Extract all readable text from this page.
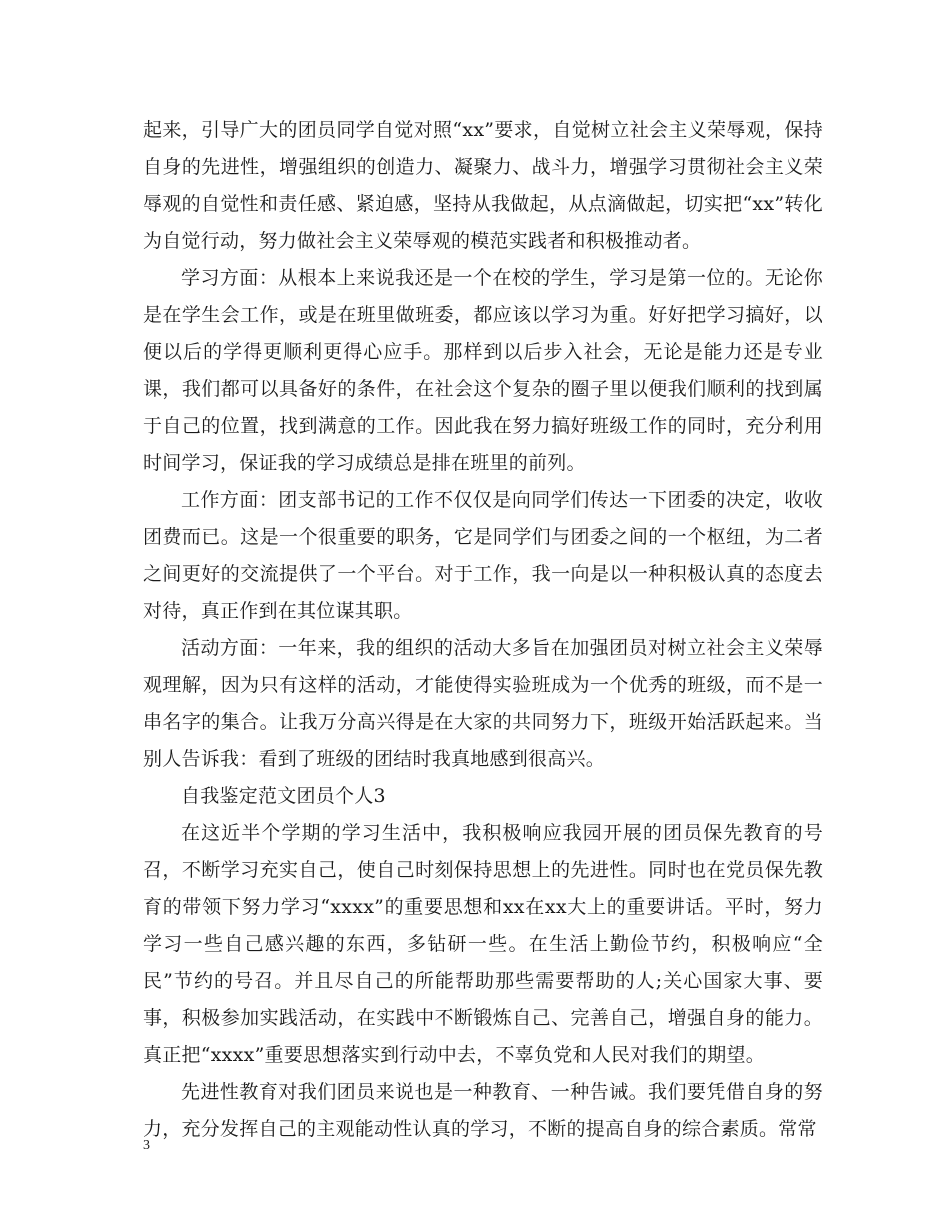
起来，引导广大的团员同学自觉对照“xx”要求，自觉树立社会主义荣辱观，保持自身的先进性，增强组织的创造力、凝聚力、战斗力，增强学习贯彻社会主义荣辱观的自觉性和责任感、紧迫感，坚持从我做起，从点滴做起，切实把“xx”转化为自觉行动，努力做社会主义荣辱观的模范实践者和积极推动者。

学习方面：从根本上来说我还是一个在校的学生，学习是第一位的。无论你是在学生会工作，或是在班里做班委，都应该以学习为重。好好把学习搞好，以便以后的学得更顺利更得心应手。那样到以后步入社会，无论是能力还是专业课，我们都可以具备好的条件，在社会这个复杂的圈子里以便我们顺利的找到属于自己的位置，找到满意的工作。因此我在努力搞好班级工作的同时，充分利用时间学习，保证我的学习成绩总是排在班里的前列。

工作方面：团支部书记的工作不仅仅是向同学们传达一下团委的决定，收收团费而已。这是一个很重要的职务，它是同学们与团委之间的一个枢纽，为二者之间更好的交流提供了一个平台。对于工作，我一向是以一种积极认真的态度去对待，真正作到在其位谋其职。

活动方面：一年来，我的组织的活动大多旨在加强团员对树立社会主义荣辱观理解，因为只有这样的活动，才能使得实验班成为一个优秀的班级，而不是一串名字的集合。让我万分高兴得是在大家的共同努力下，班级开始活跃起来。当别人告诉我：看到了班级的团结时我真地感到很高兴。

自我鉴定范文团员个人3

在这近半个学期的学习生活中，我积极响应我园开展的团员保先教育的号召，不断学习充实自己，使自己时刻保持思想上的先进性。同时也在党员保先教育的带领下努力学习“xxxx”的重要思想和xx在xx大上的重要讲话。平时，努力学习一些自己感兴趣的东西，多钻研一些。在生活上勤俭节约，积极响应“全民”节约的号召。并且尽自己的所能帮助那些需要帮助的人;关心国家大事、要事，积极参加实践活动，在实践中不断锻炼自己、完善自己，增强自身的能力。真正把“xxxx”重要思想落实到行动中去，不辜负党和人民对我们的期望。

先进性教育对我们团员来说也是一种教育、一种告诫。我们要凭借自身的努力，充分发挥自己的主观能动性认真的学习，不断的提高自身的综合素质。常常

3
